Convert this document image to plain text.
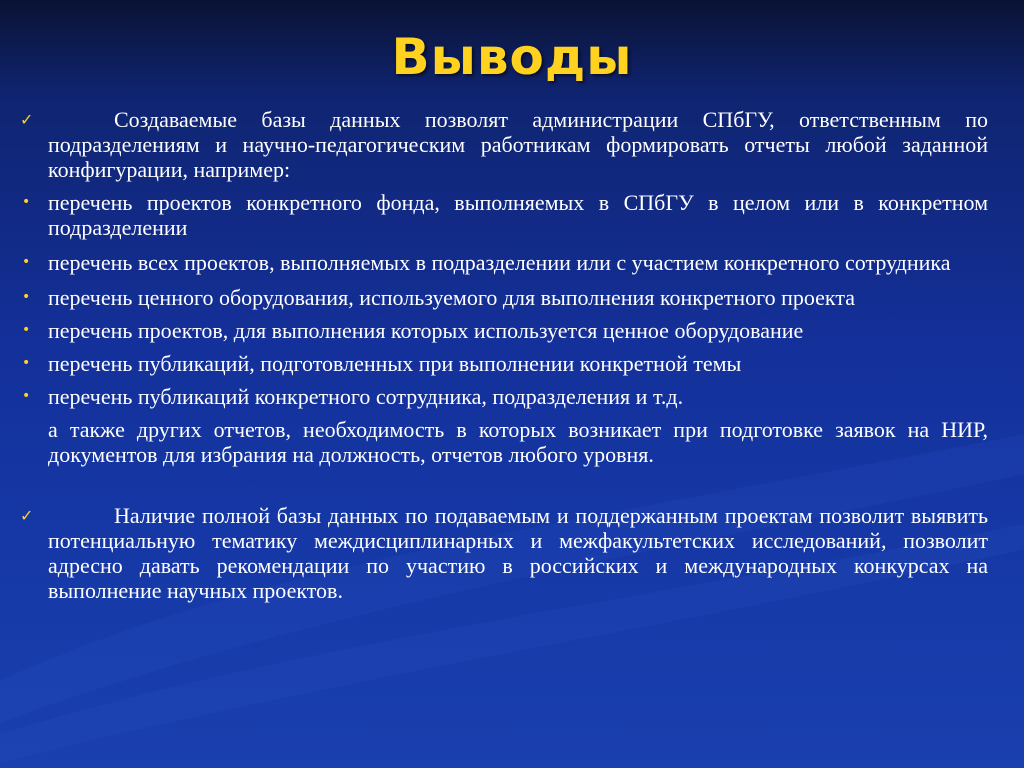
Выводы
✓	Создаваемые базы данных позволят администрации СПбГУ, ответственным по подразделениям и научно-педагогическим работникам формировать отчеты любой заданной конфигурации, например:
• перечень проектов конкретного фонда, выполняемых в СПбГУ в целом или в конкретном подразделении
• перечень всех проектов, выполняемых в подразделении или с участием конкретного сотрудника
• перечень ценного оборудования, используемого для выполнения конкретного проекта
• перечень проектов, для выполнения которых используется ценное оборудование
• перечень публикаций, подготовленных при выполнении конкретной темы
• перечень публикаций конкретного сотрудника, подразделения и т.д.
а также других отчетов, необходимость в которых возникает при подготовке заявок на НИР, документов для избрания на должность, отчетов любого уровня.
✓	Наличие полной базы данных по подаваемым и поддержанным проектам позволит выявить потенциальную тематику междисциплинарных и межфакультетских исследований, позволит адресно давать рекомендации по участию в российских и международных конкурсах на выполнение научных проектов.
